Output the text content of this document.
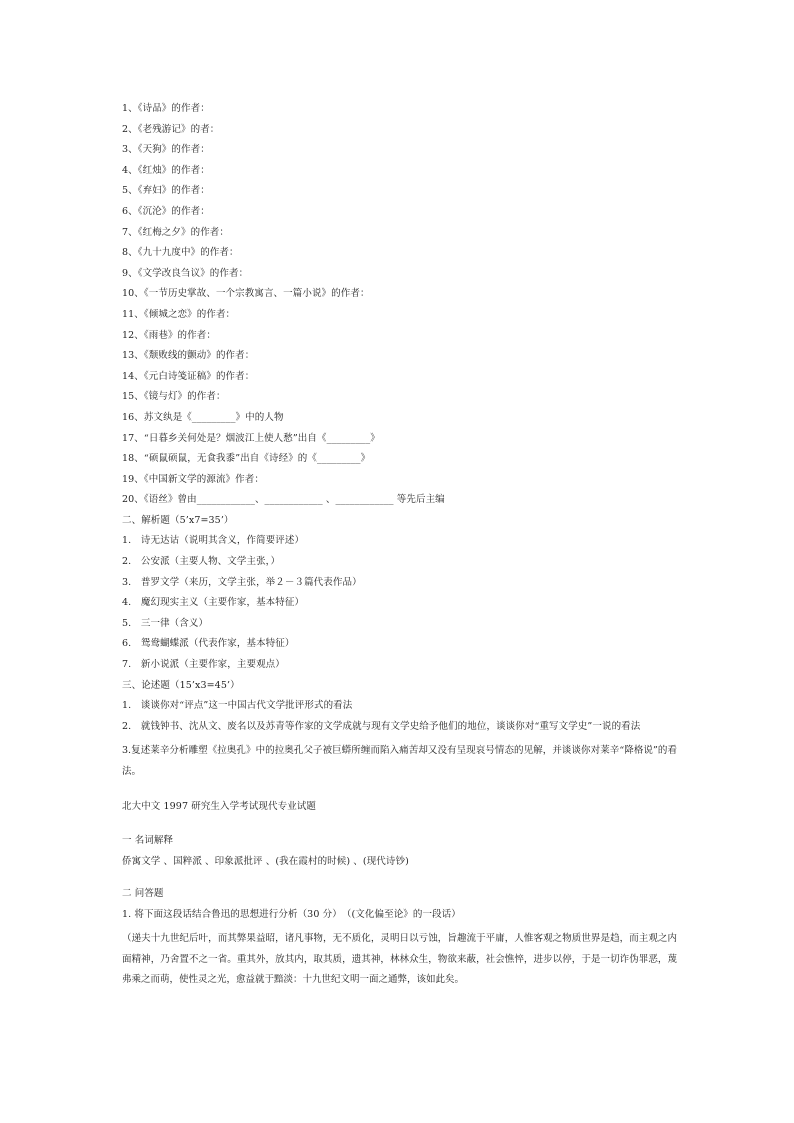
1、《诗品》的作者：
2、《老残游记》的者：
3、《天狗》的作者：
4、《红烛》的作者：
5、《弃妇》的作者：
6、《沉沦》的作者：
7、《红梅之夕》的作者：
8、《九十九度中》的作者：
9、《文学改良刍议》的作者：
10、《一节历史掌故、一个宗教寓言、一篇小说》的作者：
11、《倾城之恋》的作者：
12、《雨巷》的作者：
13、《颓败线的颤动》的作者：
14、《元白诗笺证稿》的作者：
15、《镜与灯》的作者：
16、苏文纨是《_________》中的人物
17、“日暮乡关何处是？烟波江上使人愁”出自《_________》
18、“硕鼠硕鼠，无食我黍”出自《诗经》的《_________》
19、《中国新文学的源流》作者：
20、《语丝》曾由____________、____________ 、____________ 等先后主编
二、解析题（5’x7=35’）
1.　诗无达诂（说明其含义，作简要评述）
2.　公安派（主要人物、文学主张，）
3.　普罗文学（来历，文学主张，举２－３篇代表作品）
4.　魔幻现实主义（主要作家，基本特征）
5.　三一律（含义）
6.　鸳鸯蝴蝶派（代表作家，基本特征）
7.　新小说派（主要作家，主要观点）
三、论述题（15’x3=45’）
1.　谈谈你对“评点”这一中国古代文学批评形式的看法
2.　就钱钟书、沈从文、废名以及苏青等作家的文学成就与现有文学史给予他们的地位，谈谈你对“重写文学史”一说的看法
3.复述莱辛分析雕塑《拉奥孔》中的拉奥孔父子被巨蟒所缠而陷入痛苦却又没有呈现哀号情态的见解，并谈谈你对莱辛“降格说”的看法。
北大中文 1997 研究生入学考试现代专业试题
一 名词解释
侨寓文学 、国粹派 、印象派批评 、(我在霞村的时候) 、(现代诗钞)
二 问答题
1. 将下面这段话结合鲁迅的思想进行分析（30 分）　（(文化偏至论》的一段话）
（递夫十九世纪后叶，而其弊果益昭，诸凡事物，无不质化，灵明日以亏蚀，旨趣流于平庸，人惟客观之物质世界是趋，而主观之内面精神，乃舍置不之一省。重其外，放其内，取其质，遗其神，林林众生，物欲来蔽，社会憔悴，进步以停，于是一切诈伪罪恶，蔑弗乘之而萌，使性灵之光，愈益就于黯淡：十九世纪文明一面之通弊，该如此矣。
